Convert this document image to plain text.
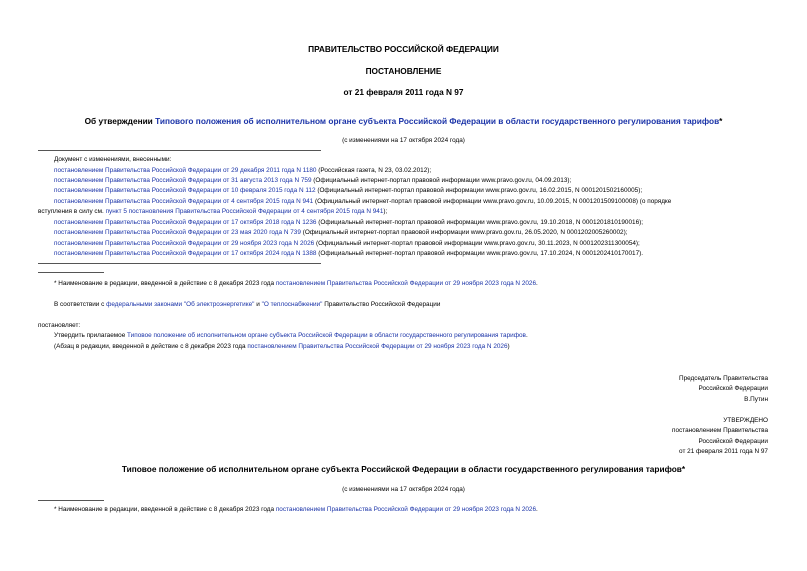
ПРАВИТЕЛЬСТВО РОССИЙСКОЙ ФЕДЕРАЦИИ
ПОСТАНОВЛЕНИЕ
от 21 февраля 2011 года N 97
Об утверждении Типового положения об исполнительном органе субъекта Российской Федерации в области государственного регулирования тарифов*
(с изменениями на 17 октября 2024 года)
Документ с изменениями, внесенными:
постановлением Правительства Российской Федерации от 29 декабря 2011 года N 1180 (Российская газета, N 23, 03.02.2012);
постановлением Правительства Российской Федерации от 31 августа 2013 года N 759 (Официальный интернет-портал правовой информации www.pravo.gov.ru, 04.09.2013);
постановлением Правительства Российской Федерации от 10 февраля 2015 года N 112 (Официальный интернет-портал правовой информации www.pravo.gov.ru, 16.02.2015, N 0001201502160005);
постановлением Правительства Российской Федерации от 4 сентября 2015 года N 941 (Официальный интернет-портал правовой информации www.pravo.gov.ru, 10.09.2015, N 0001201509100008) (о порядке
вступления в силу см. пункт 5 постановления Правительства Российской Федерации от 4 сентября 2015 года N 941);
постановлением Правительства Российской Федерации от 17 октября 2018 года N 1236 (Официальный интернет-портал правовой информации www.pravo.gov.ru, 19.10.2018, N 0001201810190016);
постановлением Правительства Российской Федерации от 23 мая 2020 года N 739 (Официальный интернет-портал правовой информации www.pravo.gov.ru, 26.05.2020, N 0001202005260002);
постановлением Правительства Российской Федерации от 29 ноября 2023 года N 2026 (Официальный интернет-портал правовой информации www.pravo.gov.ru, 30.11.2023, N 0001202311300054);
постановлением Правительства Российской Федерации от 17 октября 2024 года N 1388 (Официальный интернет-портал правовой информации www.pravo.gov.ru, 17.10.2024, N 0001202410170017).
* Наименование в редакции, введенной в действие с 8 декабря 2023 года постановлением Правительства Российской Федерации от 29 ноября 2023 года N 2026.
В соответствии с федеральными законами "Об электроэнергетике" и "О теплоснабжении" Правительство Российской Федерации
постановляет:
Утвердить прилагаемое Типовое положение об исполнительном органе субъекта Российской Федерации в области государственного регулирования тарифов.
(Абзац в редакции, введенной в действие с 8 декабря 2023 года постановлением Правительства Российской Федерации от 29 ноября 2023 года N 2026)
Председатель Правительства
Российской Федерации
В.Путин
УТВЕРЖДЕНО
постановлением Правительства
Российской Федерации
от 21 февраля 2011 года N 97
Типовое положение об исполнительном органе субъекта Российской Федерации в области государственного регулирования тарифов*
(с изменениями на 17 октября 2024 года)
* Наименование в редакции, введенной в действие с 8 декабря 2023 года постановлением Правительства Российской Федерации от 29 ноября 2023 года N 2026.
